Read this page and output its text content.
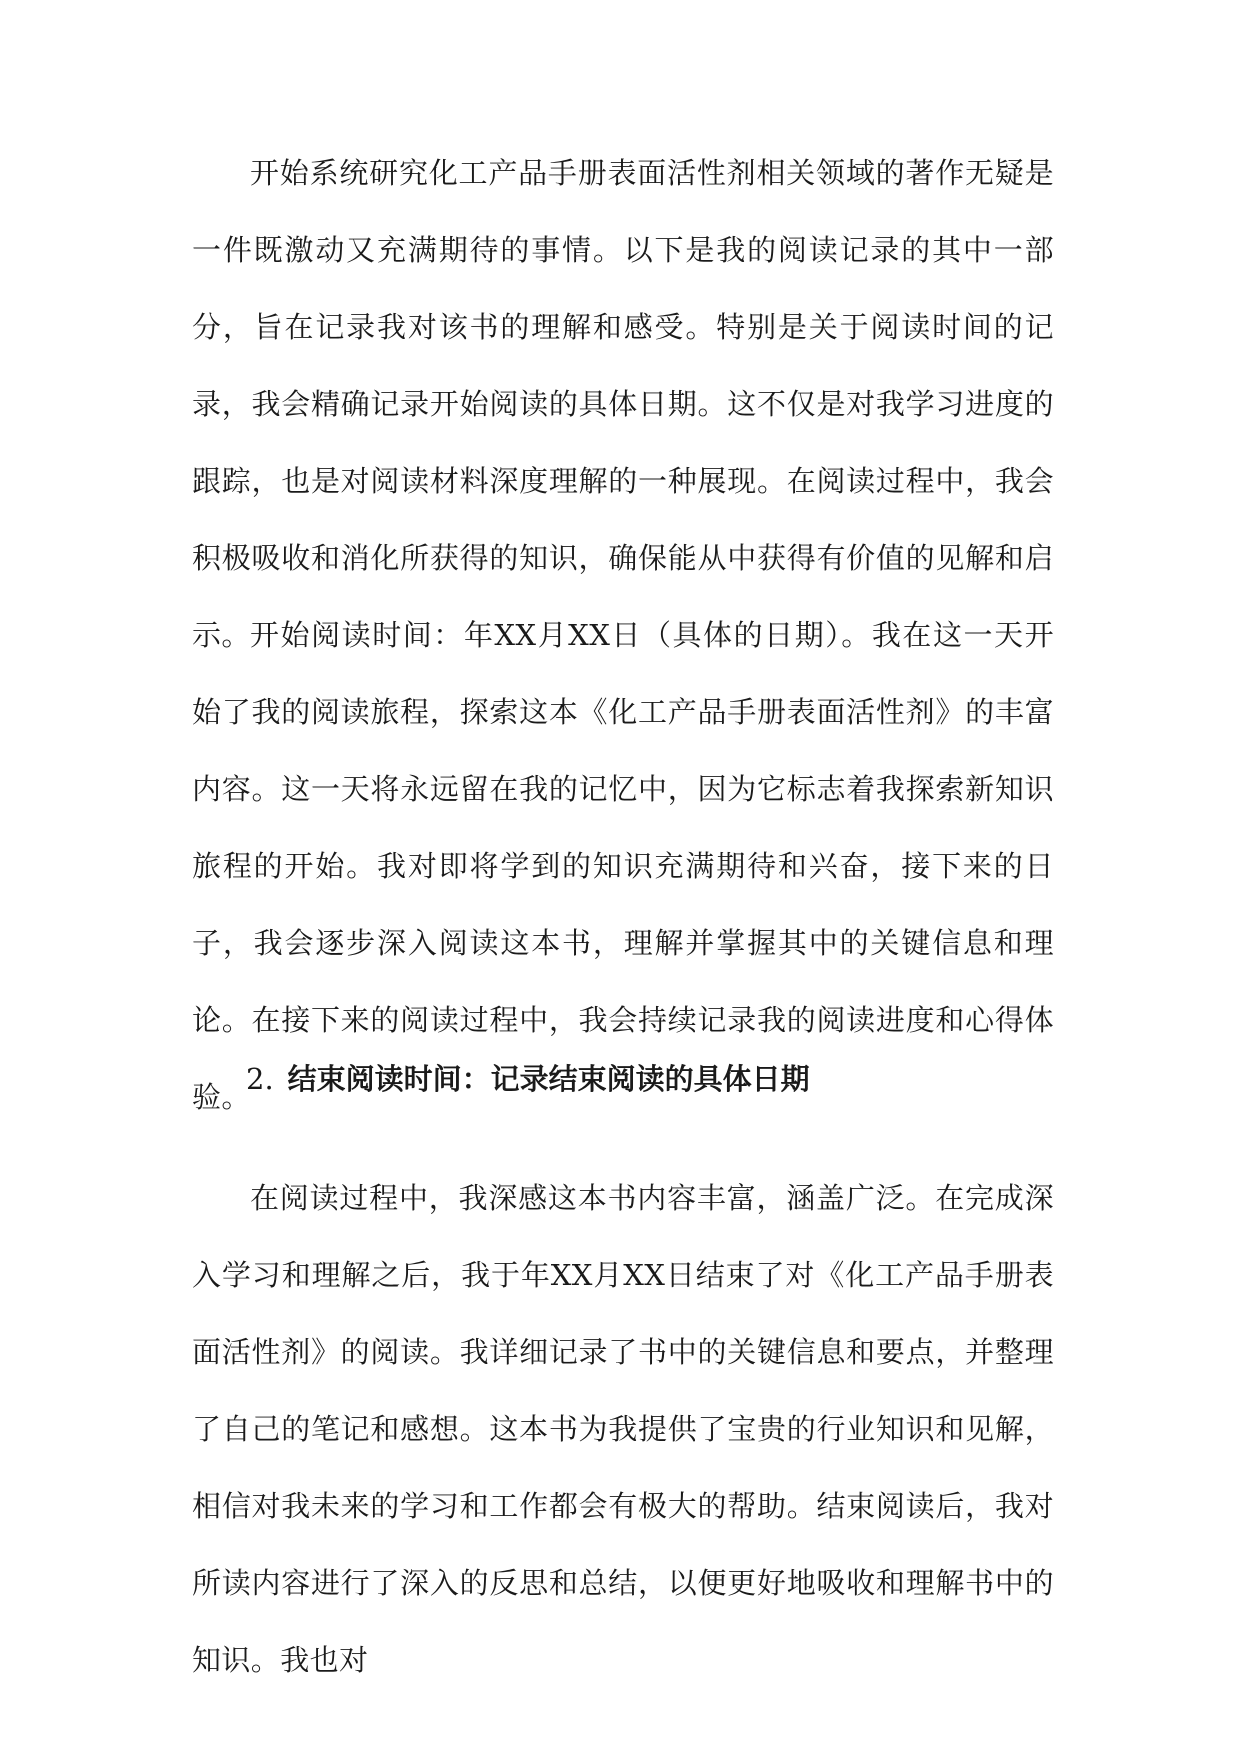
开始系统研究化工产品手册表面活性剂相关领域的著作无疑是一件既激动又充满期待的事情。以下是我的阅读记录的其中一部分，旨在记录我对该书的理解和感受。特别是关于阅读时间的记录，我会精确记录开始阅读的具体日期。这不仅是对我学习进度的跟踪，也是对阅读材料深度理解的一种展现。在阅读过程中，我会积极吸收和消化所获得的知识，确保能从中获得有价值的见解和启示。 开始阅读时间：年XX月XX日（具体的日期）。我在这一天开始了我的阅读旅程，探索这本《化工产品手册表面活性剂》的丰富内容。这一天将永远留在我的记忆中，因为它标志着我探索新知识旅程的开始。我对即将学到的知识充满期待和兴奋，接下来的日子，我会逐步深入阅读这本书，理解并掌握其中的关键信息和理论。在接下来的阅读过程中，我会持续记录我的阅读进度和心得体验。

2. 结束阅读时间：记录结束阅读的具体日期

在阅读过程中，我深感这本书内容丰富，涵盖广泛。在完成深入学习和理解之后，我于年XX月XX日结束了对《化工产品手册表面活性剂》的阅读。我详细记录了书中的关键信息和要点，并整理了自己的笔记和感想。这本书为我提供了宝贵的行业知识和见解，相信对我未来的学习和工作都会有极大的帮助。结束阅读后，我对所读内容进行了深入的反思和总结，以便更好地吸收和理解书中的知识。我也对
